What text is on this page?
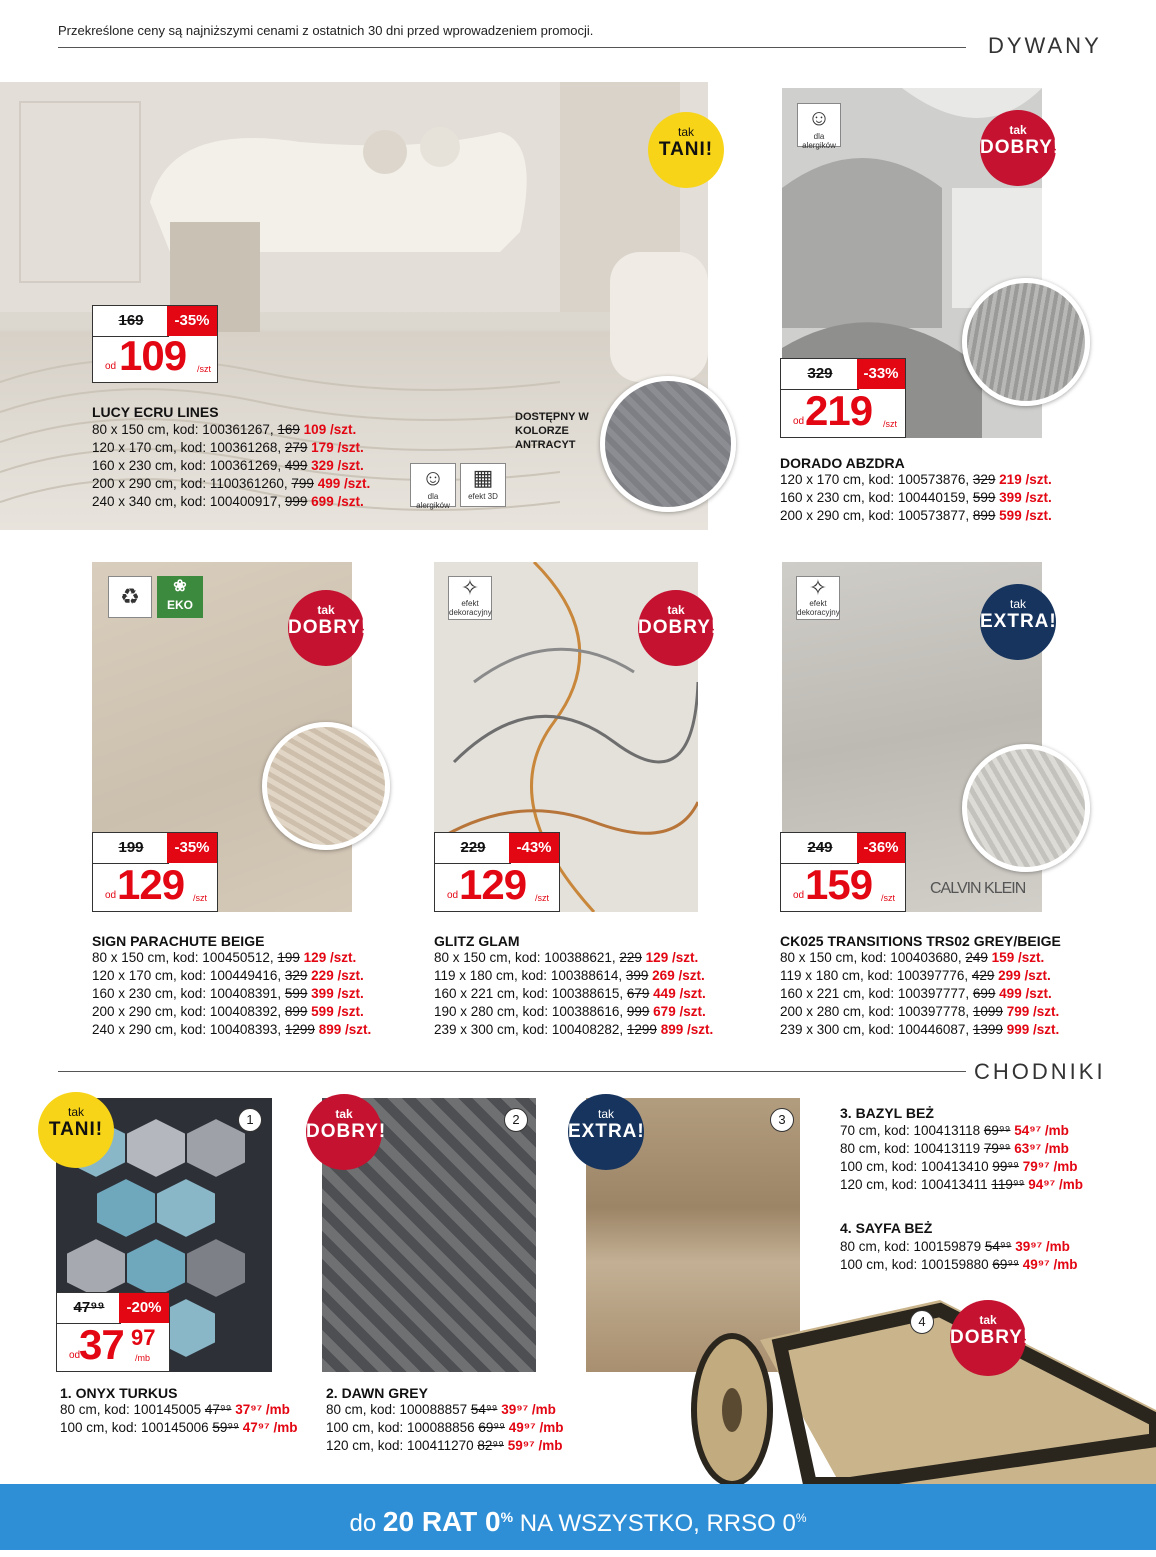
Przekreślone ceny są najniższymi cenami z ostatnich 30 dni przed wprowadzeniem promocji.
DYWANY
tak
TANI!
169	-35%
od 109 /szt
LUCY ECRU LINES
80 x 150 cm, kod: 100361267, 169 109 /szt.
120 x 170 cm, kod: 100361268, 279 179 /szt.
160 x 230 cm, kod: 100361269, 499 329 /szt.
200 x 290 cm, kod: 1100361260, 799 499 /szt.
240 x 340 cm, kod: 100400917, 999 699 /szt.
☺
dla alergików
▦
efekt 3D
DOSTĘPNY W KOLORZE ANTRACYT
☺
dla alergików
tak
DOBRY!
329	-33%
od 219 /szt
DORADO ABZDRA
120 x 170 cm, kod: 100573876, 329 219 /szt.
160 x 230 cm, kod: 100440159, 599 399 /szt.
200 x 290 cm, kod: 100573877, 899 599 /szt.
♻	❀
EKO	tak
DOBRY!
199	-35%
od 129 /szt
SIGN PARACHUTE BEIGE
80 x 150 cm, kod: 100450512, 199 129 /szt.
120 x 170 cm, kod: 100449416, 329 229 /szt.
160 x 230 cm, kod: 100408391, 599 399 /szt.
200 x 290 cm, kod: 100408392, 899 599 /szt.
240 x 290 cm, kod: 100408393, 1299 899 /szt.
✧
efekt dekoracyjny	tak
DOBRY!
229	-43%
od 129 /szt
GLITZ GLAM
80 x 150 cm, kod: 100388621, 229 129 /szt.
119 x 180 cm, kod: 100388614, 399 269 /szt.
160 x 221 cm, kod: 100388615, 679 449 /szt.
190 x 280 cm, kod: 100388616, 999 679 /szt.
239 x 300 cm, kod: 100408282, 1299 899 /szt.
CALVIN KLEIN
✧
efekt dekoracyjny
tak
EXTRA!
249	-36%
od 159 /szt
CK025 TRANSITIONS TRS02 GREY/BEIGE
80 x 150 cm, kod: 100403680, 249 159 /szt.
119 x 180 cm, kod: 100397776, 429 299 /szt.
160 x 221 cm, kod: 100397777, 699 499 /szt.
200 x 280 cm, kod: 100397778, 1099 799 /szt.
239 x 300 cm, kod: 100446087, 1399 999 /szt.
CHODNIKI
tak
TANI!	1
47⁹⁹	-20%
od
37 97
/mb
1. ONYX TURKUS
80 cm, kod: 100145005 47⁹⁹ 37⁹⁷ /mb
100 cm, kod: 100145006 59⁹⁹ 47⁹⁷ /mb
tak
DOBRY!
2
2. DAWN GREY
80 cm, kod: 100088857 54⁹⁹ 39⁹⁷ /mb
100 cm, kod: 100088856 69⁹⁹ 49⁹⁷ /mb
120 cm, kod: 100411270 82⁹⁹ 59⁹⁷ /mb
tak
EXTRA!
3	3. BAZYL BEŻ
70 cm, kod: 100413118 69⁹⁹ 54⁹⁷ /mb
80 cm, kod: 100413119 79⁹⁹ 63⁹⁷ /mb
100 cm, kod: 100413410 99⁹⁹ 79⁹⁷ /mb
120 cm, kod: 100413411 119⁹⁹ 94⁹⁷ /mb
4. SAYFA BEŻ
80 cm, kod: 100159879 54⁹⁹ 39⁹⁷ /mb
100 cm, kod: 100159880 69⁹⁹ 49⁹⁷ /mb
tak
DOBRY!
4
do 20 RAT 0% NA WSZYSTKO, RRSO 0%
